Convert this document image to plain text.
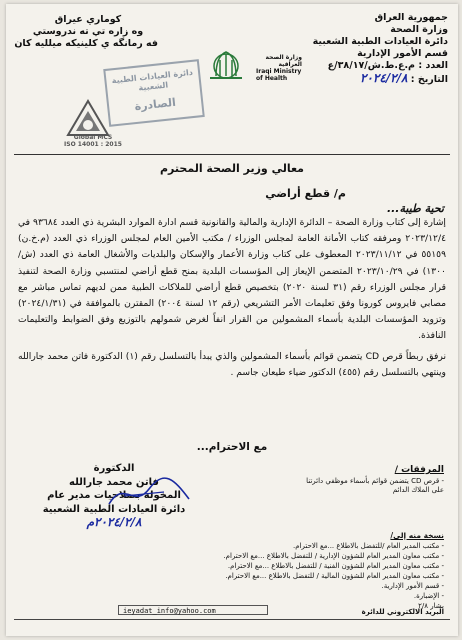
جمهورية العراق
وزارة الصحة
دائرة العيادات الطبية الشعبية
قسم الأمور الإدارية
العدد : م.ع.ط.ش/٣٨/١٧/ع
التاريخ : ٢٠٢٤/٢/٨
كوماري عيراق
وه زاره تي ته ندروستي
فه رمانگه ي كلينيكه ميلليه كان
وزارة الصحة العراقية
Iraqi Ministry of Health
دائرة العيادات الطبية الشعبية
الصادرة
Global MCS
ISO 14001 : 2015
معالي وزير الصحة المحترم
م/ قطع أراضي
تحية طيبة...

إشارة إلى كتاب وزارة الصحة – الدائرة الإدارية والمالية والقانونية قسم ادارة الموارد البشرية ذي العدد ٩٣٦٨٤ في ٢٠٢٣/١٢/٤ ومرفقه كتاب الأمانة العامة لمجلس الوزراء / مكتب الأمين العام لمجلس الوزراء ذي العدد (م.خ.ن) ٥٥١٥٩ في ٢٠٢٣/١١/١٢ المعطوف على كتاب وزارة الأعمار والإسكان والبلديات والأشغال العامة ذي العدد (ش/١٣٠٠) في ٢٠٢٣/١٠/٢٩ المتضمن الإيعاز إلى المؤسسات البلدية بمنح قطع أراضي لمنتسبي وزارة الصحة لتنفيذ قرار مجلس الوزراء رقم (٣١ لسنة ٢٠٢٠) بتخصيص قطع أراضي للملاكات الطبية ممن لديهم تماس مباشر مع مصابي فايروس كورونا وفق تعليمات الأمر التشريعي (رقم ١٢ لسنة ٢٠٠٤) المقترن بالموافقة في (٢٠٢٤/١/٣١) وتزويد المؤسسات البلدية بأسماء المشمولين من القرار انفاً لغرض شمولهم بالتوزيع وفق الضوابط والتعليمات النافذة.

نرفق ربطاً قرص CD يتضمن قوائم بأسماء المشمولين والذي يبدأ بالتسلسل رقم (١) الدكتورة فاتن محمد جارالله وينتهي بالتسلسل رقم (٤٥٥) الدكتور ضياء طيعان جاسم .

مع الاحترام...
الدكتورة
فاتن محمد جارالله
المخولة بصلاحيات مدير عام
دائرة العيادات الطبية الشعبية
٢٠٢٤/٢/٨م
المرفقات /
- قرص CD يتضمن قوائم بأسماء موظفي دائرتنا على الملاك الدائم
نسخة منه إلى/
- مكتب المدير العام /للتفضل بالاطلاع ...مع الاحترام.
- مكتب معاون المدير العام للشؤون الإدارية / للتفضل بالاطلاع ...مع الاحترام.
- مكتب معاون المدير العام للشؤون الفنية / للتفضل بالاطلاع ...مع الاحترام.
- مكتب معاون المدير العام للشؤون المالية / للتفضل بالاطلاع ...مع الاحترام.
- قسم الأمور الإدارية.
- الإضبارة.
بشار ٢/٨
ieyadat_info@yahoo.com	البريد الالكتروني للدائرة
